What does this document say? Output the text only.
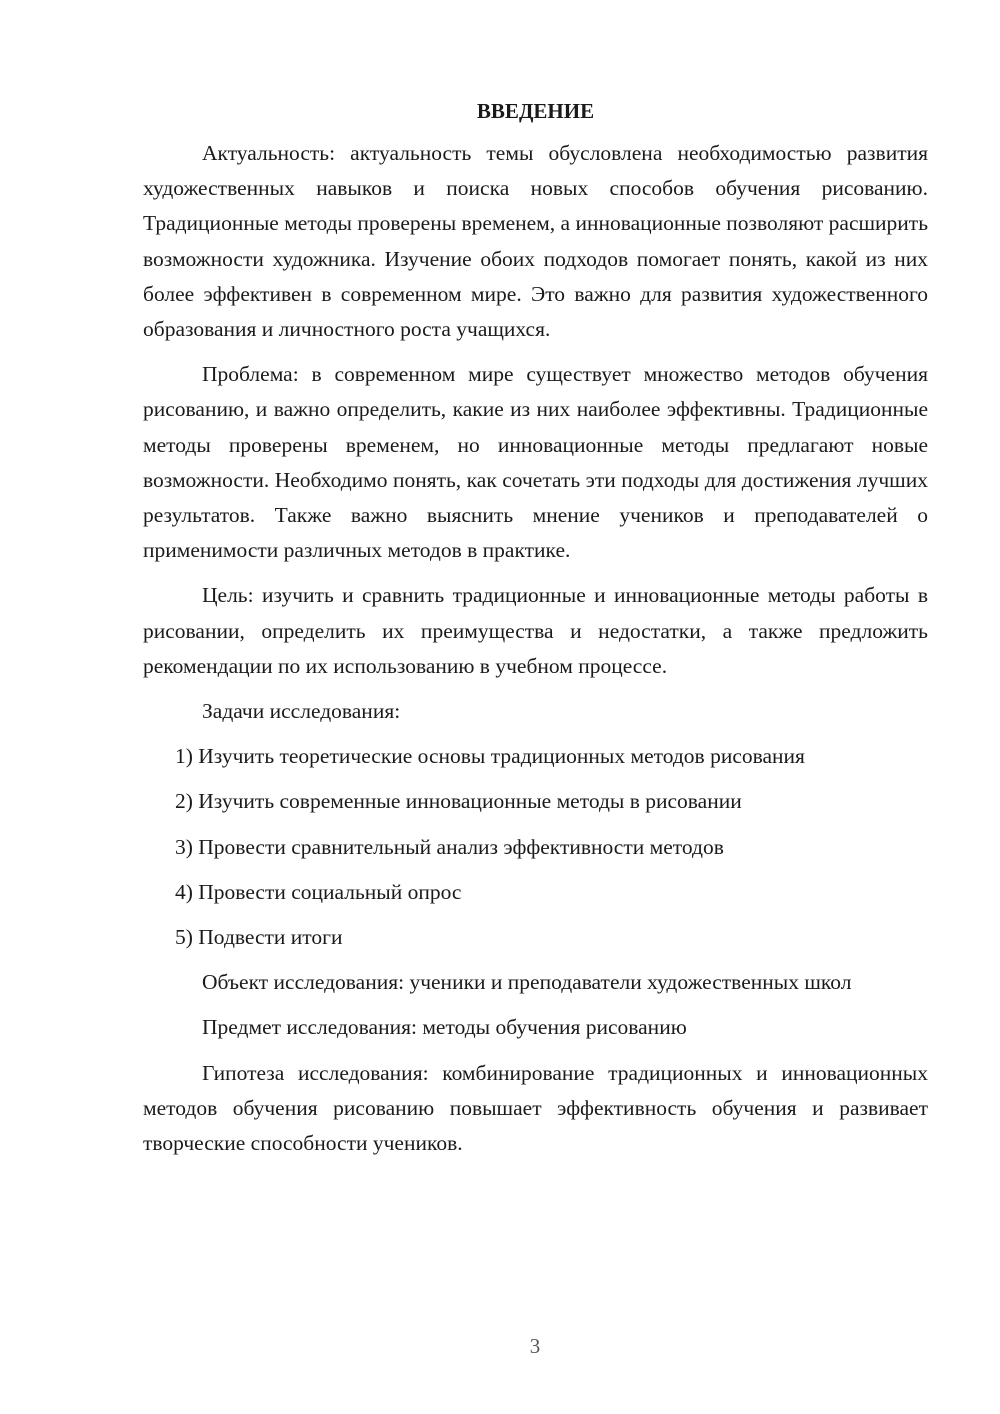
ВВЕДЕНИЕ

Актуальность: актуальность темы обусловлена необходимостью развития художественных навыков и поиска новых способов обучения рисованию. Традиционные методы проверены временем, а инновационные позволяют расширить возможности художника. Изучение обоих подходов помогает понять, какой из них более эффективен в современном мире. Это важно для развития художественного образования и личностного роста учащихся.

Проблема: в современном мире существует множество методов обучения рисованию, и важно определить, какие из них наиболее эффективны. Традиционные методы проверены временем, но инновационные методы предлагают новые возможности. Необходимо понять, как сочетать эти подходы для достижения лучших результатов. Также важно выяснить мнение учеников и преподавателей о применимости различных методов в практике.

Цель: изучить и сравнить традиционные и инновационные методы работы в рисовании, определить их преимущества и недостатки, а также предложить рекомендации по их использованию в учебном процессе.

Задачи исследования:

1) Изучить теоретические основы традиционных методов рисования
2) Изучить современные инновационные методы в рисовании
3) Провести сравнительный анализ эффективности методов
4) Провести социальный опрос
5) Подвести итоги

Объект исследования: ученики и преподаватели художественных школ

Предмет исследования: методы обучения рисованию

Гипотеза исследования: комбинирование традиционных и инновационных методов обучения рисованию повышает эффективность обучения и развивает творческие способности учеников.

3
